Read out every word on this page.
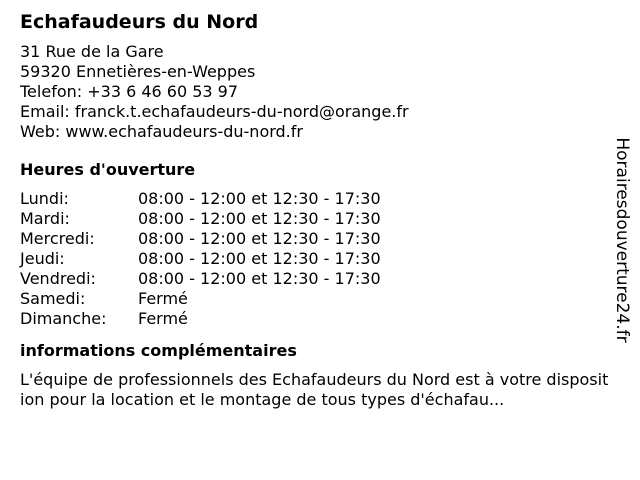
Echafaudeurs du Nord
31 Rue de la Gare
59320 Ennetières-en-Weppes
Telefon: +33 6 46 60 53 97
Email: franck.t.echafaudeurs-du-nord@orange.fr
Web: www.echafaudeurs-du-nord.fr
Heures d'ouverture
Lundi:	08:00 - 12:00 et 12:30 - 17:30
Mardi:	08:00 - 12:00 et 12:30 - 17:30
Mercredi:	08:00 - 12:00 et 12:30 - 17:30
Jeudi:	08:00 - 12:00 et 12:30 - 17:30
Vendredi:	08:00 - 12:00 et 12:30 - 17:30
Samedi:	Fermé
Dimanche:	Fermé
informations complémentaires
L'équipe de professionnels des Echafaudeurs du Nord est à votre disposition pour la location et le montage de tous types d'échafau...
Horairesdouverture24.fr
